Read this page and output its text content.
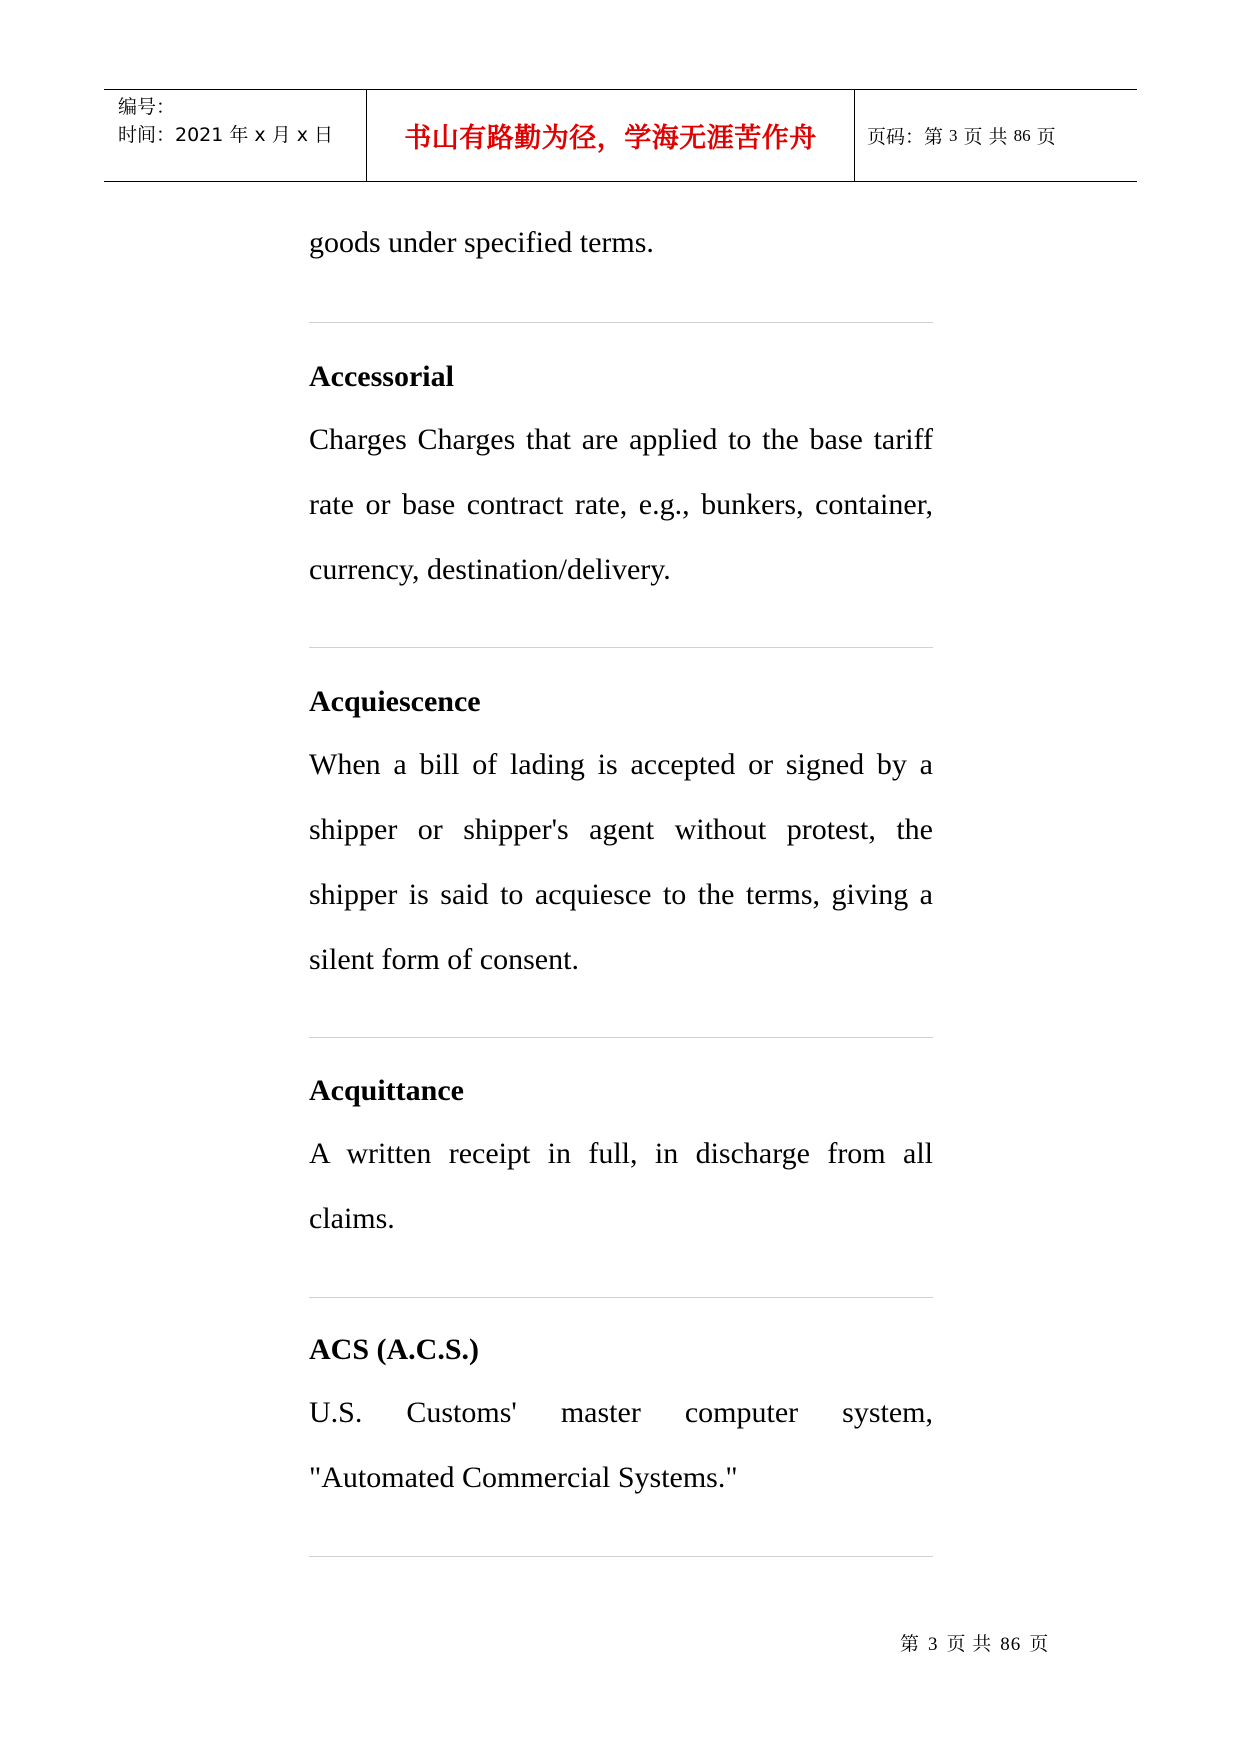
编号：
时间：2021 年 x 月 x 日	书山有路勤为径，学海无涯苦作舟	页码：第 3 页 共 86 页
goods under specified terms.
Accessorial
Charges Charges that are applied to the base tariff rate or base contract rate, e.g., bunkers, container, currency, destination/delivery.
Acquiescence
When a bill of lading is accepted or signed by a shipper or shipper's agent without protest, the shipper is said to acquiesce to the terms, giving a silent form of consent.
Acquittance
A written receipt in full, in discharge from all claims.
ACS (A.C.S.)
U.S. Customs' master computer system, "Automated Commercial Systems."
第 3 页 共 86 页
